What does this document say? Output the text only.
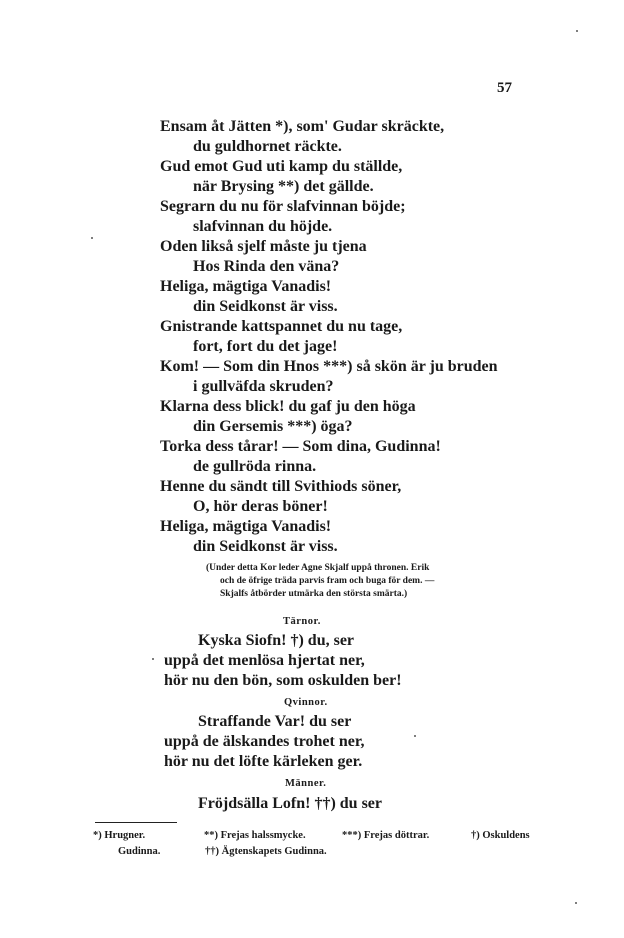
57
Ensam åt Jätten *), som' Gudar skräckte,
du guldhornet räckte.
Gud emot Gud uti kamp du ställde,
när Brysing **) det gällde.
Segrarn du nu för slafvinnan böjde;
slafvinnan du höjde.
Oden likså sjelf måste ju tjena
Hos Rinda den väna?
Heliga, mägtiga Vanadis!
din Seidkonst är viss.
Gnistrande kattspannet du nu tage,
fort, fort du det jage!
Kom! — Som din Hnos ***) så skön är ju bruden
i gullväfda skruden?
Klarna dess blick! du gaf ju den höga
din Gersemis ***) öga?
Torka dess tårar! — Som dina, Gudinna!
de gullröda rinna.
Henne du sändt till Svithiods söner,
O, hör deras böner!
Heliga, mägtiga Vanadis!
din Seidkonst är viss.
(Under detta Kor leder Agne Skjalf uppå thronen. Erik
och de öfrige träda parvis fram och buga för dem. —
Skjalfs åtbörder utmärka den största smärta.)
Tärnor.
Kyska Siofn! †) du, ser
uppå det menlösa hjertat ner,
hör nu den bön, som oskulden ber!
Qvinnor.
Straffande Var! du ser
uppå de älskandes trohet ner,
hör nu det löfte kärleken ger.
Männer.
Fröjdsälla Lofn! ††) du ser
*) Hrugner.	**) Frejas halssmycke.	***) Frejas döttrar.	†) Oskuldens
Gudinna.	††) Ägtenskapets Gudinna.
